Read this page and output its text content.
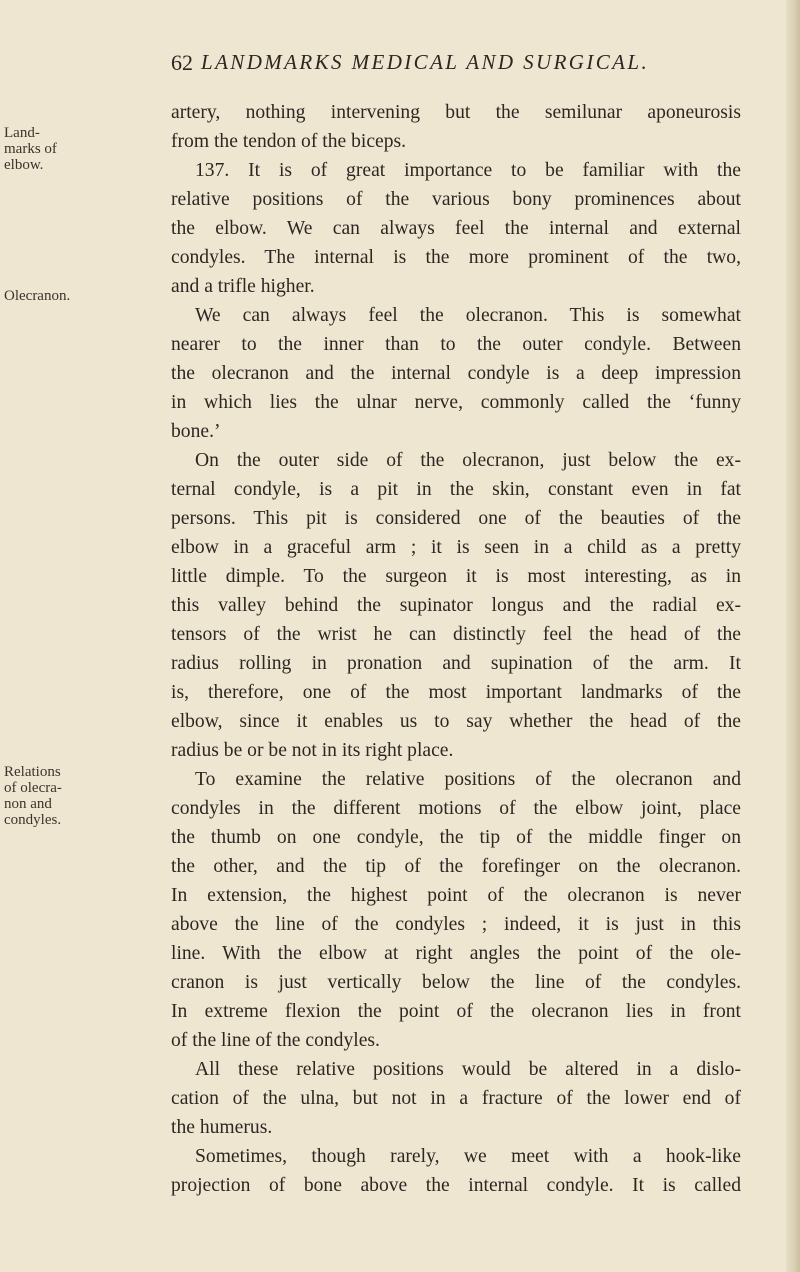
62 LANDMARKS MEDICAL AND SURGICAL.
Land-
marks of
elbow.
Olecranon.
Relations
of olecra-
non and
condyles.
artery, nothing intervening but the semilunar aponeurosis
from the tendon of the biceps.
137. It is of great importance to be familiar with the
relative positions of the various bony prominences about
the elbow. We can always feel the internal and external
condyles. The internal is the more prominent of the two,
and a trifle higher.
We can always feel the olecranon. This is somewhat
nearer to the inner than to the outer condyle. Between
the olecranon and the internal condyle is a deep impression
in which lies the ulnar nerve, commonly called the ‘funny
bone.’
On the outer side of the olecranon, just below the ex-
ternal condyle, is a pit in the skin, constant even in fat
persons. This pit is considered one of the beauties of the
elbow in a graceful arm ; it is seen in a child as a pretty
little dimple. To the surgeon it is most interesting, as in
this valley behind the supinator longus and the radial ex-
tensors of the wrist he can distinctly feel the head of the
radius rolling in pronation and supination of the arm. It
is, therefore, one of the most important landmarks of the
elbow, since it enables us to say whether the head of the
radius be or be not in its right place.
To examine the relative positions of the olecranon and
condyles in the different motions of the elbow joint, place
the thumb on one condyle, the tip of the middle finger on
the other, and the tip of the forefinger on the olecranon.
In extension, the highest point of the olecranon is never
above the line of the condyles ; indeed, it is just in this
line. With the elbow at right angles the point of the ole-
cranon is just vertically below the line of the condyles.
In extreme flexion the point of the olecranon lies in front
of the line of the condyles.
All these relative positions would be altered in a dislo-
cation of the ulna, but not in a fracture of the lower end of
the humerus.
Sometimes, though rarely, we meet with a hook-like
projection of bone above the internal condyle. It is called
